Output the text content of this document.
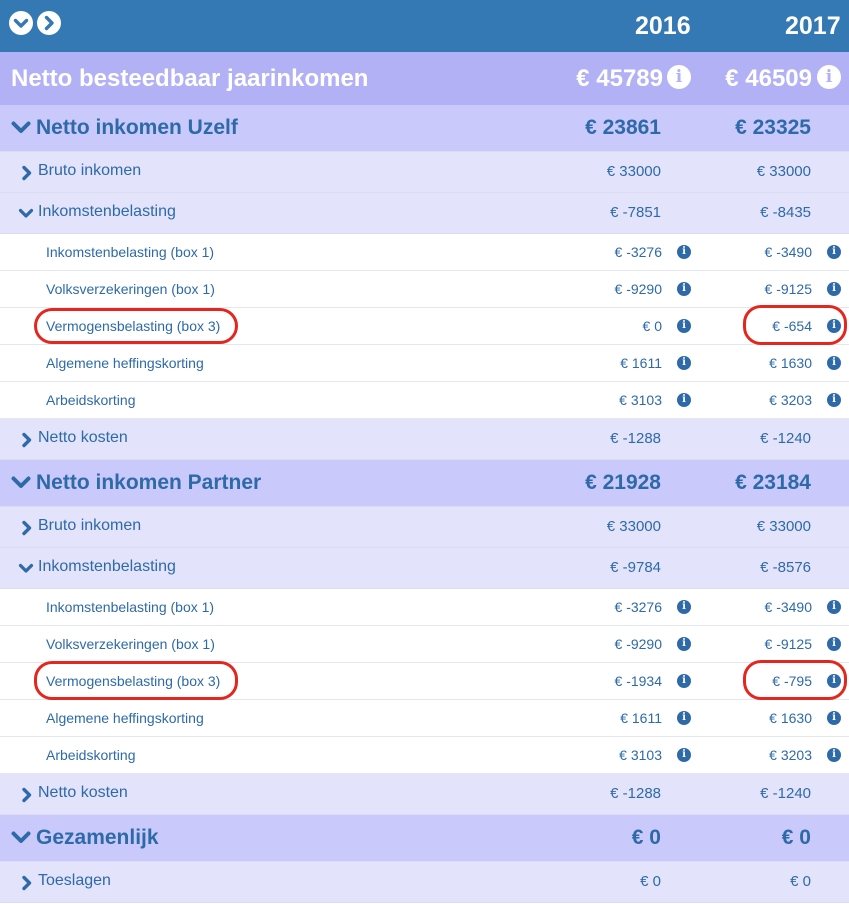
2016	2017
Netto besteedbaar jaarinkomen	€ 45789 i	€ 46509 i
Netto inkomen Uzelf	€ 23861	€ 23325
Bruto inkomen	€ 33000	€ 33000
Inkomstenbelasting	€ -7851	€ -8435
Inkomstenbelasting (box 1)	€ -3276	i	€ -3490	i
Volksverzekeringen (box 1)	€ -9290	i	€ -9125	i
Vermogensbelasting (box 3)	€ 0	i	€ -654	i
Algemene heffingskorting	€ 1611	i	€ 1630	i
Arbeidskorting	€ 3103	i	€ 3203	i
Netto kosten	€ -1288	€ -1240
Netto inkomen Partner	€ 21928	€ 23184
Bruto inkomen	€ 33000	€ 33000
Inkomstenbelasting	€ -9784	€ -8576
Inkomstenbelasting (box 1)	€ -3276	i	€ -3490	i
Volksverzekeringen (box 1)	€ -9290	i	€ -9125	i
Vermogensbelasting (box 3)	€ -1934	i	€ -795	i
Algemene heffingskorting	€ 1611	i	€ 1630	i
Arbeidskorting	€ 3103	i	€ 3203	i
Netto kosten	€ -1288	€ -1240
Gezamenlijk	€ 0	€ 0
Toeslagen	€ 0	€ 0
